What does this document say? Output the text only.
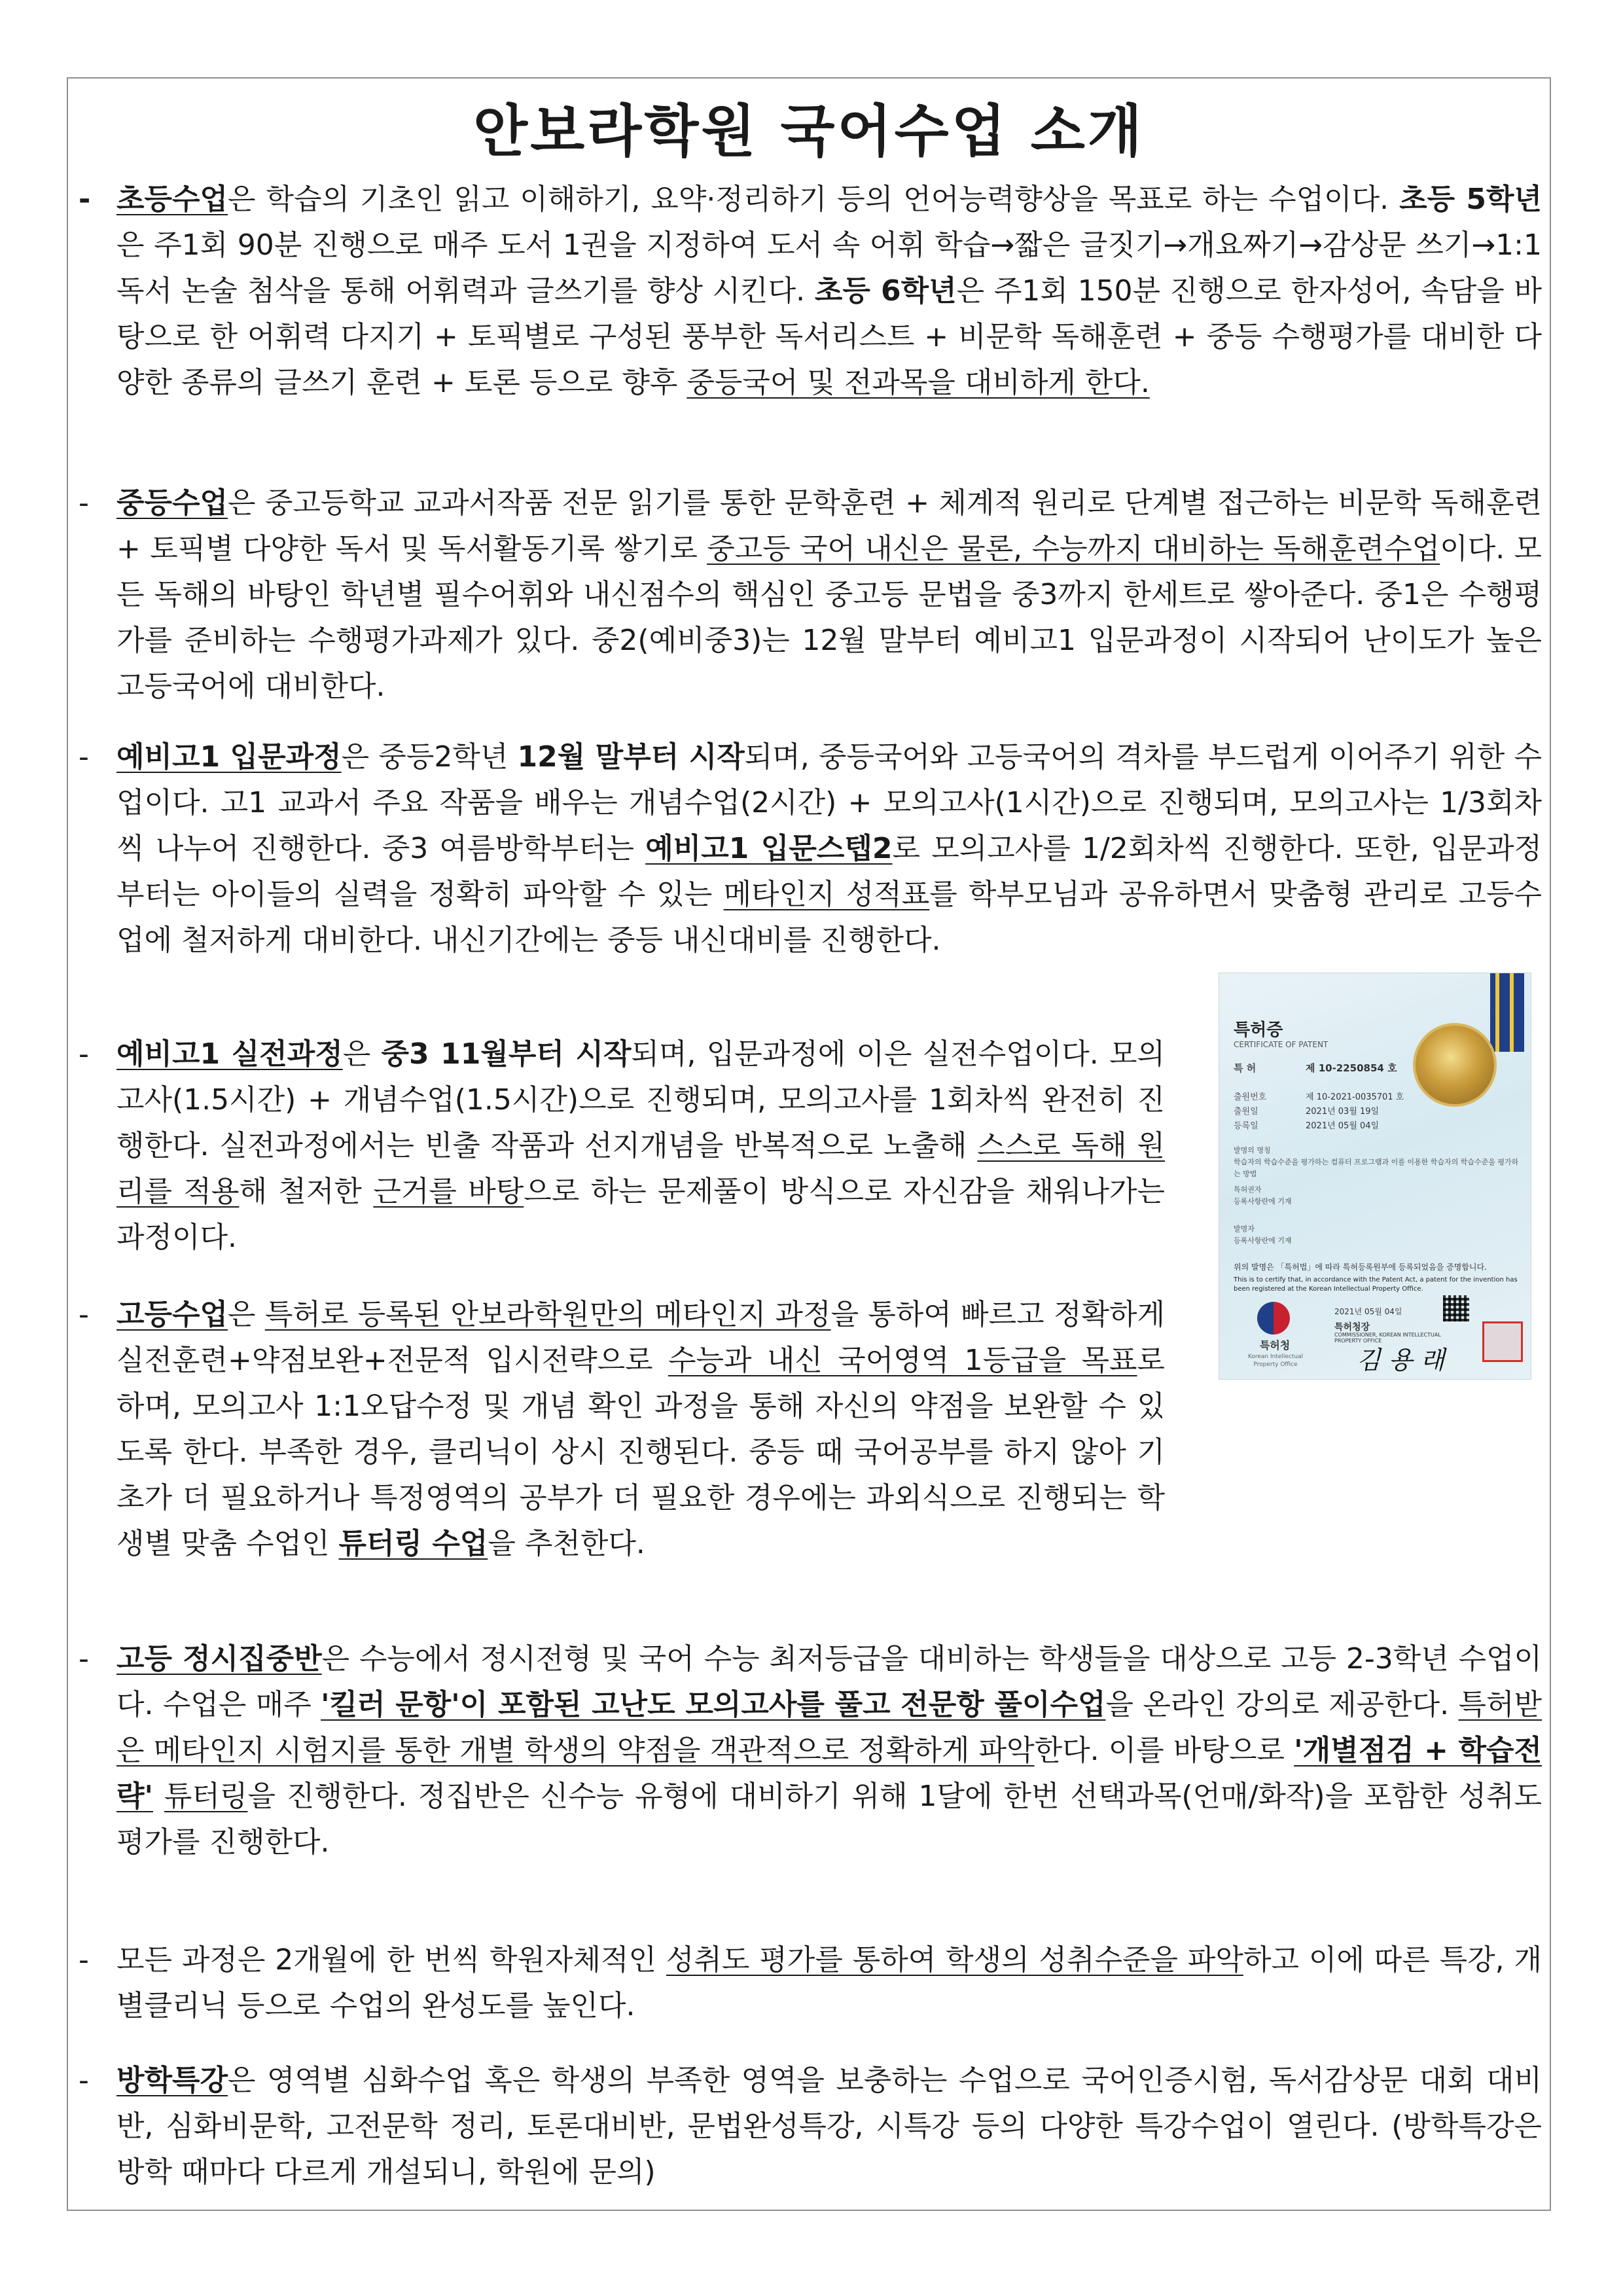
안보라학원 국어수업 소개

- 초등수업은 학습의 기초인 읽고 이해하기, 요약·정리하기 등의 언어능력향상을 목표로 하는 수업이다. 초등 5학년은 주1회 90분 진행으로 매주 도서 1권을 지정하여 도서 속 어휘 학습→짧은 글짓기→개요짜기→감상문 쓰기→1:1 독서 논술 첨삭을 통해 어휘력과 글쓰기를 향상 시킨다. 초등 6학년은 주1회 150분 진행으로 한자성어, 속담을 바탕으로 한 어휘력 다지기 + 토픽별로 구성된 풍부한 독서리스트 + 비문학 독해훈련 + 중등 수행평가를 대비한 다양한 종류의 글쓰기 훈련 + 토론 등으로 향후 중등국어 및 전과목을 대비하게 한다.

- 중등수업은 중고등학교 교과서작품 전문 읽기를 통한 문학훈련 + 체계적 원리로 단계별 접근하는 비문학 독해훈련 + 토픽별 다양한 독서 및 독서활동기록 쌓기로 중고등 국어 내신은 물론, 수능까지 대비하는 독해훈련수업이다. 모든 독해의 바탕인 학년별 필수어휘와 내신점수의 핵심인 중고등 문법을 중3까지 한세트로 쌓아준다. 중1은 수행평가를 준비하는 수행평가과제가 있다. 중2(예비중3)는 12월 말부터 예비고1 입문과정이 시작되어 난이도가 높은 고등국어에 대비한다.

- 예비고1 입문과정은 중등2학년 12월 말부터 시작되며, 중등국어와 고등국어의 격차를 부드럽게 이어주기 위한 수업이다. 고1 교과서 주요 작품을 배우는 개념수업(2시간) + 모의고사(1시간)으로 진행되며, 모의고사는 1/3회차씩 나누어 진행한다. 중3 여름방학부터는 예비고1 입문스텝2로 모의고사를 1/2회차씩 진행한다. 또한, 입문과정부터는 아이들의 실력을 정확히 파악할 수 있는 메타인지 성적표를 학부모님과 공유하면서 맞춤형 관리로 고등수업에 철저하게 대비한다. 내신기간에는 중등 내신대비를 진행한다.

- 예비고1 실전과정은 중3 11월부터 시작되며, 입문과정에 이은 실전수업이다. 모의고사(1.5시간) + 개념수업(1.5시간)으로 진행되며, 모의고사를 1회차씩 완전히 진행한다. 실전과정에서는 빈출 작품과 선지개념을 반복적으로 노출해 스스로 독해 원리를 적용해 철저한 근거를 바탕으로 하는 문제풀이 방식으로 자신감을 채워나가는 과정이다.

- 고등수업은 특허로 등록된 안보라학원만의 메타인지 과정을 통하여 빠르고 정확하게 실전훈련+약점보완+전문적 입시전략으로 수능과 내신 국어영역 1등급을 목표로 하며, 모의고사 1:1오답수정 및 개념 확인 과정을 통해 자신의 약점을 보완할 수 있도록 한다. 부족한 경우, 클리닉이 상시 진행된다. 중등 때 국어공부를 하지 않아 기초가 더 필요하거나 특정영역의 공부가 더 필요한 경우에는 과외식으로 진행되는 학생별 맞춤 수업인 튜터링 수업을 추천한다.

- 고등 정시집중반은 수능에서 정시전형 및 국어 수능 최저등급을 대비하는 학생들을 대상으로 고등 2-3학년 수업이다. 수업은 매주 '킬러 문항'이 포함된 고난도 모의고사를 풀고 전문항 풀이수업을 온라인 강의로 제공한다. 특허받은 메타인지 시험지를 통한 개별 학생의 약점을 객관적으로 정확하게 파악한다. 이를 바탕으로 '개별점검 + 학습전략' 튜터링을 진행한다. 정집반은 신수능 유형에 대비하기 위해 1달에 한번 선택과목(언매/화작)을 포함한 성취도평가를 진행한다.

- 모든 과정은 2개월에 한 번씩 학원자체적인 성취도 평가를 통하여 학생의 성취수준을 파악하고 이에 따른 특강, 개별클리닉 등으로 수업의 완성도를 높인다.

- 방학특강은 영역별 심화수업 혹은 학생의 부족한 영역을 보충하는 수업으로 국어인증시험, 독서감상문 대회 대비반, 심화비문학, 고전문학 정리, 토론대비반, 문법완성특강, 시특강 등의 다양한 특강수업이 열린다. (방학특강은 방학 때마다 다르게 개설되니, 학원에 문의)

특허증
CERTIFICATE OF PATENT
특 허	제 10-2250854 호
출원번호	제 10-2021-0035701 호
출원일	2021년 03월 19일
등록일	2021년 05월 04일
발명의 명칭
학습자의 학습수준을 평가하는 컴퓨터 프로그램과 이를 이용한 학습자의 학습수준을 평가하는 방법
특허권자
등록사항란에 기재
발명자
등록사항란에 기재
위의 발명은 「특허법」에 따라 특허등록원부에 등록되었음을 증명합니다.
This is to certify that, in accordance with the Patent Act, a patent for the invention has been registered at the Korean Intellectual Property Office.
2021년 05월 04일
특허청장
COMMISSIONER, KOREAN INTELLECTUAL PROPERTY OFFICE
특허청
Korean Intellectual Property Office	김 용 래
